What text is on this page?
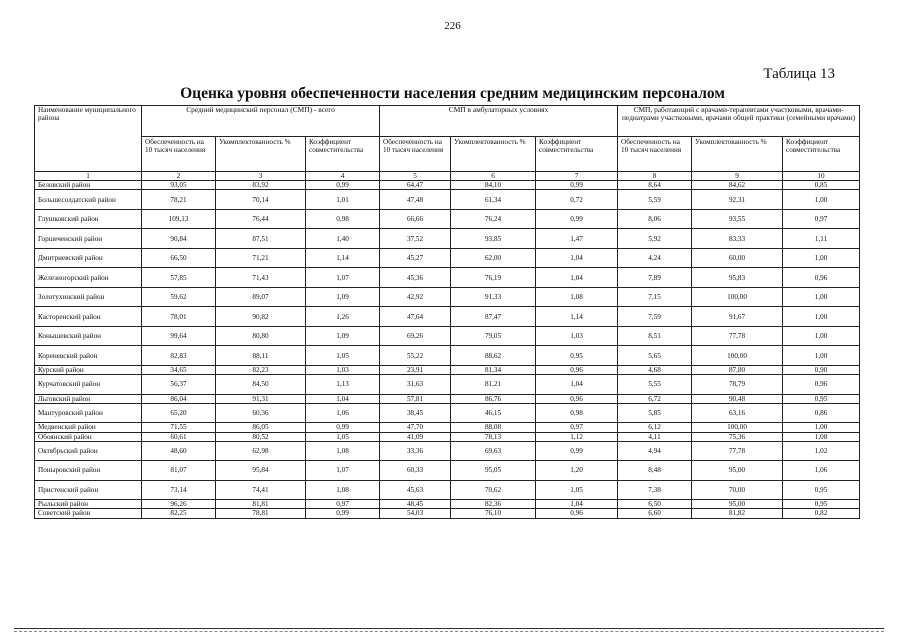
226
Таблица 13
Оценка уровня обеспеченности населения средним медицинским персоналом
Наименование муниципального района	Средний медицинский персонал (СМП) - всего			СМП в амбулаторных условиях			СМП, работающий с врачами-терапевтами участковыми, врачами-педиатрами участковыми, врачами общей практики (семейными врачами)		
	Обеспеченность на 10 тысяч населения	Укомплектованность %	Коэффициент совместительства	Обеспеченность на 10 тысяч населения	Укомплектованность %	Коэффициент совместительства	Обеспеченность на 10 тысяч населения	Укомплектованность %	Коэффициент совместительства
1	2	3	4	5	6	7	8	9	10
Беловский район	93,05	83,92	0,99	64,47	84,10	0,99	8,64	84,62	0,85
Большесолдатский район	78,21	70,14	1,01	47,48	61,34	0,72	5,59	92,31	1,00
Глушковский район	109,13	76,44	0,98	66,66	76,24	0,99	8,06	93,55	0,97
Горшеченский район	90,84	87,51	1,40	37,52	93,85	1,47	5,92	83,33	1,11
Дмитриевский район	66,50	71,21	1,14	45,27	62,00	1,04	4,24	60,00	1,00
Железногорский район	57,85	71,43	1,07	45,36	76,19	1,04	7,89	95,83	0,96
Золотухинский район	59,62	89,07	1,09	42,92	91,33	1,08	7,15	100,00	1,00
Касторенский район	78,01	90,82	1,26	47,64	87,47	1,14	7,59	91,67	1,00
Конышевский район	99,64	80,80	1,09	69,26	79,05	1,03	8,51	77,78	1,00
Кореневский район	82,83	88,11	1,05	55,22	88,62	0,95	5,65	100,00	1,00
Курский район	34,65	82,23	1,03	23,91	81,34	0,96	4,68	87,80	0,90
Курчатовский район	56,37	84,50	1,13	31,63	81,21	1,04	5,55	78,79	0,96
Льговский район	86,04	91,31	1,04	57,81	86,76	0,96	6,72	90,48	0,95
Мантуровский район	65,20	60,36	1,06	38,45	46,15	0,98	5,85	63,16	0,86
Медвенский район	71,55	86,05	0,99	47,70	88,08	0,97	6,12	100,00	1,00
Обоянский район	60,61	80,52	1,05	41,09	78,13	1,12	4,11	75,36	1,08
Октябрьский район	48,60	62,98	1,08	33,36	69,63	0,99	4,94	77,78	1,02
Поныровский район	81,07	95,84	1,07	60,33	95,05	1,20	8,48	95,00	1,06
Пристенский район	73,14	74,41	1,08	45,63	70,62	1,05	7,38	70,00	0,95
Рыльский район	96,26	81,81	0,97	48,45	82,36	1,04	6,50	95,00	0,95
Советский район	82,25	78,81	0,99	54,03	76,10	0,96	6,60	81,82	0,82
